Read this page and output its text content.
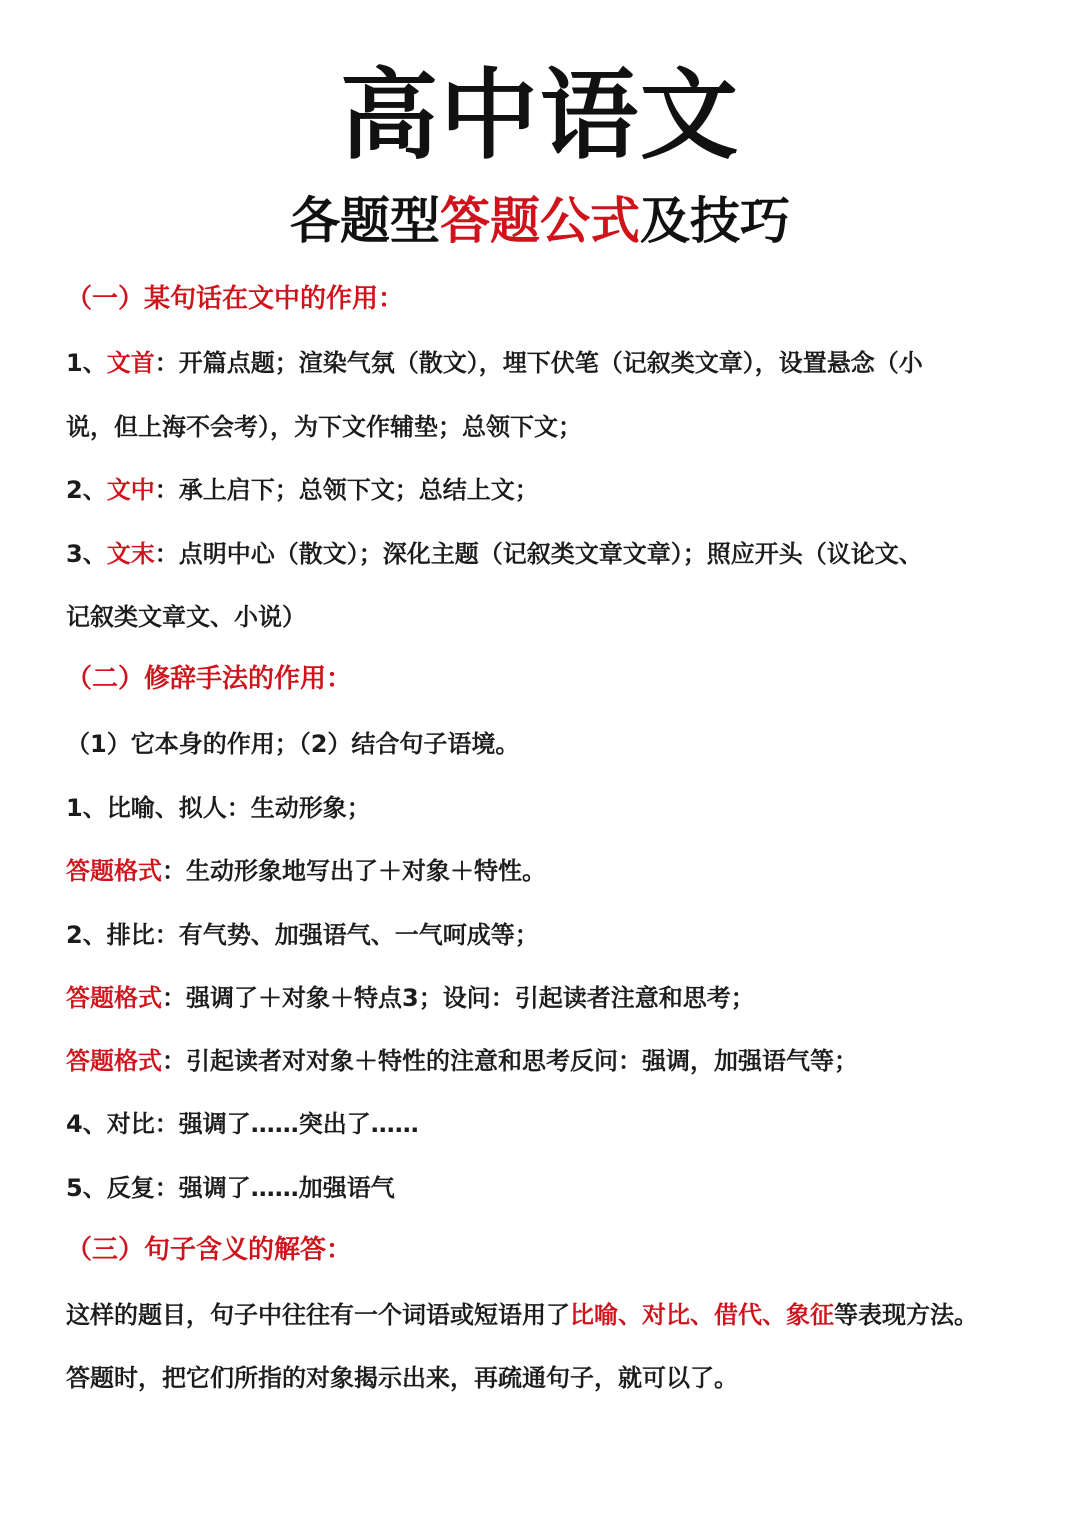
高中语文
各题型答题公式及技巧
（一）某句话在文中的作用：
1、文首：开篇点题；渲染气氛（散文），埋下伏笔（记叙类文章），设置悬念（小
说，但上海不会考），为下文作辅垫；总领下文；
2、文中：承上启下；总领下文；总结上文；
3、文末：点明中心（散文）；深化主题（记叙类文章文章）；照应开头（议论文、
记叙类文章文、小说）
（二）修辞手法的作用：
（1）它本身的作用；（2）结合句子语境。
1、比喻、拟人：生动形象；
答题格式：生动形象地写出了＋对象＋特性。
2、排比：有气势、加强语气、一气呵成等；
答题格式：强调了＋对象＋特点3；设问：引起读者注意和思考；
答题格式：引起读者对对象＋特性的注意和思考反问：强调，加强语气等；
4、对比：强调了……突出了……
5、反复：强调了……加强语气
（三）句子含义的解答：
这样的题目，句子中往往有一个词语或短语用了比喻、对比、借代、象征等表现方法。
答题时，把它们所指的对象揭示出来，再疏通句子，就可以了。
